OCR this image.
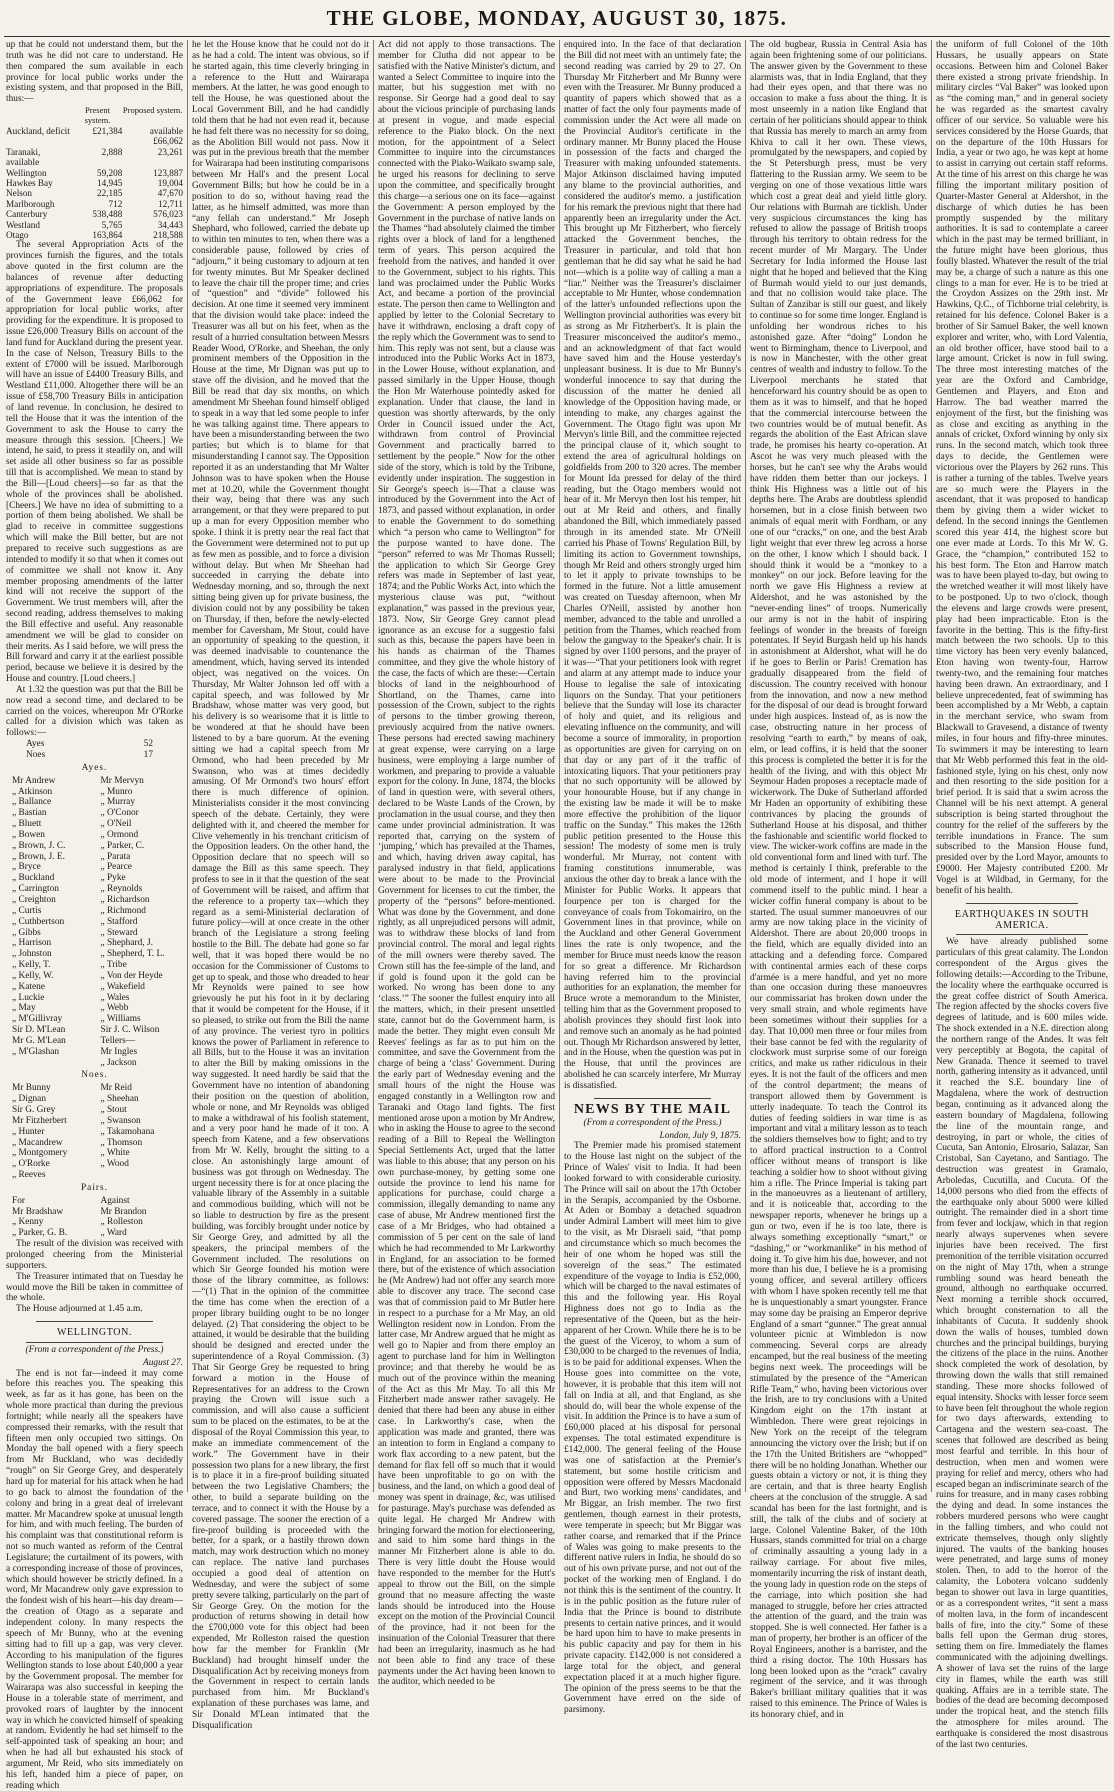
THE GLOBE, MONDAY, AUGUST 30, 1875.

up that he could not understand them, but the truth was he did not care to understand. He then compared the sum available in each province for local public works under the existing system, and that proposed in the Bill, thus:—

	Present system.	Proposed system.
Auckland, deficit	£21,384	available £66,062
Taranaki, available	2,888	23,261
Wellington	59,208	123,887
Hawkes Bay	14,945	19,004
Nelson	22,185	47,670
Marlborough	712	12,711
Canterbury	538,488	576,023
Westland	5,765	34,443
Otago	163,864	218,588

The several Appropriation Acts of the provinces furnish the figures, and the totals above quoted in the first column are the balances of revenue after deducting appropriations of expenditure. The proposals of the Government leave £66,062 for appropriation for local public works, after providing for the expenditure. It is proposed to issue £26,000 Treasury Bills on account of the land fund for Auckland during the present year. In the case of Nelson, Treasury Bills to the extent of £7000 will be issued. Marlborough will have an issue of £4400 Treasury Bills, and Westland £11,000. Altogether there will be an issue of £58,700 Treasury Bills in anticipation of land revenue. In conclusion, he desired to tell the House that it was the intention of the Government to ask the House to carry the measure through this session. [Cheers.] We intend, he said, to press it steadily on, and will set aside all other business so far as possible till that is accomplished. We mean to stand by the Bill—[Loud cheers]—so far as that the whole of the provinces shall be abolished. [Cheers.] We have no idea of submitting to a portion of them being abolished. We shall be glad to receive in committee suggestions which will make the Bill better, but are not prepared to receive such suggestions as are intended to modify it so that when it comes out of committee we shall not know it. Any member proposing amendments of the latter kind will not receive the support of the Government. We trust members will, after the second reading, address themselves to making the Bill effective and useful. Any reasonable amendment we will be glad to consider on their merits. As I said before, we will press the Bill forward and carry it at the earliest possible period, because we believe it is desired by the House and country. [Loud cheers.]

At 1.32 the question was put that the Bill be now read a second time, and declared to be carried on the voices, whereupon Mr O'Rorke called for a division which was taken as follows:—

Ayes	52
Noes	17
Ayes.
Mr Andrew	Mr Mervyn
„ Atkinson	„ Munro
„ Ballance	„ Murray
„ Bastian	„ O'Conor
„ Bluett	„ O'Neil
„ Bowen	„ Ormond
„ Brown, J. C.	„ Parker, C.
„ Brown, J. E.	„ Parata
„ Bryce	„ Pearce
„ Buckland	„ Pyke
„ Carrington	„ Reynolds
„ Creighton	„ Richardson
„ Curtis	„ Richmond
„ Cuthbertson	„ Stafford
„ Gibbs	„ Steward
„ Harrison	„ Shephard, J.
„ Johnston	„ Shepherd, T. L.
„ Kelly, T.	„ Tribe
„ Kelly, W.	„ Von der Heyde
„ Katene	„ Wakefield
„ Luckie	„ Wales
„ May	„ Webb
„ M'Gillivray	„ Williams
Sir D. M'Lean	Sir J. C. Wilson
Mr G. M'Lean	Tellers—
„ M'Glashan	Mr Ingles
„ Jackson
Noes.
Mr Bunny	Mr Reid
„ Dignan	„ Sheehan
Sir G. Grey	„ Stout
Mr Fitzherbert	„ Swanson
„ Hunter	„ Takamohana
„ Macandrew	„ Thomson
„ Montgomery	„ White
„ O'Rorke	„ Wood
„ Reeves
Pairs.
For	Against
Mr Bradshaw	Mr Brandon
„ Kenny	„ Rolleston
„ Parker, G. B.	„ Ward

The result of the division was received with prolonged cheering from the Ministerial supporters.

The Treasurer intimated that on Tuesday he would move the Bill be taken in committee of the whole.

The House adjourned at 1.45 a.m.

WELLINGTON.
(From a correspondent of the Press.)
August 27.

The end is not far—indeed it may come before this reaches you. The speaking this week, as far as it has gone, has been on the whole more practical than during the previous fortnight; while nearly all the speakers have compressed their remarks, with the result that fifteen men only occupied two sittings. On Monday the ball opened with a fiery speech from Mr Buckland, who was decidedly “rough” on Sir George Grey, and desperately hard up for material for his attack when he had to go back to almost the foundation of the colony and bring in a great deal of irrelevant matter. Mr Macandrew spoke at unusual length for him, and with much feeling. The burden of his complaint was that constitutional reform is not so much wanted as reform of the Central Legislature; the curtailment of its powers, with a corresponding increase of those of provinces, which should however be strictly defined. In a word, Mr Macandrew only gave expression to the fondest wish of his heart—his day dream—the creation of Otago as a separate and independent colony. In many respects the speech of Mr Bunny, who at the evening sitting had to fill up a gap, was very clever. According to his manipulation of the figures Wellington stands to lose about £40,000 a year by the Government proposal. The member for Wairarapa was also successful in keeping the House in a tolerable state of merriment, and provoked roars of laughter by the innocent way in which he convicted himself of speaking at random. Evidently he had set himself to the self-appointed task of speaking an hour; and when he had all but exhausted his stock of argument, Mr Reid, who sits immediately on his left, handed him a piece of paper, on reading which

he let the House know that he could not do it as he had a cold. The intent was obvious, so if he started again, this time cleverly bringing in a reference to the Hutt and Wairarapa members. At the latter, he was good enough to tell the House, he was questioned about the Local Government Bill, and he had candidly told them that he had not even read it, because he had felt there was no necessity for so doing, as the Abolition Bill would not pass. Now it was put in the previous breath that the member for Wairarapa had been instituting comparisons between Mr Hall's and the present Local Government Bills; but how he could be in a position to do so, without having read the latter, as he himself admitted, was more than “any fellah can understand.” Mr Joseph Shephard, who followed, carried the debate up to within ten minutes to ten, when there was a considerable pause, followed by cries of “adjourn,” it being customary to adjourn at ten for twenty minutes. But Mr Speaker declined to leave the chair till the proper time; and cries of “question” and “divide” followed his decision. At one time it seemed very imminent that the division would take place: indeed the Treasurer was all but on his feet, when as the result of a hurried consultation between Messrs Reader Wood, O'Rorke, and Sheehan, the only prominent members of the Opposition in the House at the time, Mr Dignan was put up to stave off the division, and he moved that the Bill be read that day six months, on which amendment Mr Sheehan found himself obliged to speak in a way that led some people to infer he was talking against time. There appears to have been a misunderstanding between the two parties; but which is to blame for that misunderstanding I cannot say. The Opposition reported it as an understanding that Mr Walter Johnson was to have spoken when the House met at 10.20, while the Government thought their way, being that there was any such arrangement, or that they were prepared to put up a man for every Opposition member who spoke. I think it is pretty near the real fact that the Government were determined not to put up as few men as possible, and to force a division without delay. But when Mr Sheehan had succeeded in carrying the debate into Wednesday morning, and so, through the next sitting being given up for private business, the division could not by any possibility be taken on Thursday, if then, before the newly-elected member for Caversham, Mr Stout, could have an opportunity of speaking to the question, it was deemed inadvisable to countenance the amendment, which, having served its intended object, was negatived on the voices. On Thursday, Mr Walter Johnson led off with a capital speech, and was followed by Mr Bradshaw, whose matter was very good, but his delivery is so wearisome that it is little to be wondered at that he should have been listened to by a bare quorum. At the evening sitting we had a capital speech from Mr Ormond, who had been preceded by Mr Swanson, who was at times decidedly amusing. Of Mr Ormond's two hours' effort there is much difference of opinion. Ministerialists consider it the most convincing speech of the debate. Certainly, they were delighted with it, and cheered the member for Clive vehemently in his trenchant criticism of the Opposition leaders. On the other hand, the Opposition declare that no speech will so damage the Bill as this same speech. They profess to see in it that the question of the seat of Government will be raised, and affirm that the reference to a property tax—which they regard as a semi-Ministerial declaration of future policy—will at once create in the other branch of the Legislature a strong feeling hostile to the Bill. The debate had gone so far well, that it was hoped there would be no occasion for the Commissioner of Customs to get up to speak, and those who dreaded to hear Mr Reynolds were pained to see how grievously he put his foot in it by declaring that it would be competent for the House, if it so pleased, to strike out from the Bill the name of any province. The veriest tyro in politics knows the power of Parliament in reference to all Bills, but to the House it was an invitation to alter the Bill by making omissions in the way suggested. It need hardly be said that the Government have no intention of abandoning their position on the question of abolition, whole or none, and Mr Reynolds was obliged to make a withdrawal of his foolish statement, and a very poor hand he made of it too. A speech from Katene, and a few observations from Mr W. Kelly, brought the sitting to a close. An astonishingly large amount of business was got through on Wednesday. The urgent necessity there is for at once placing the valuable library of the Assembly in a suitable and commodious building, which will not be so liable to destruction by fire as the present building, was forcibly brought under notice by Sir George Grey, and admitted by all the speakers, the principal members of the Government included. The resolutions on which Sir George founded his motion were those of the library committee, as follows:—“(1) That in the opinion of the committee the time has come when the erection of a proper library building ought to be no longer delayed. (2) That considering the object to be attained, it would be desirable that the building should be designed and erected under the superintendence of a Royal Commission. (3) That Sir George Grey be requested to bring forward a motion in the House of Representatives for an address to the Crown praying the Crown will issue such a commission, and will also cause a sufficient sum to be placed on the estimates, to be at the disposal of the Royal Commission this year, to make an immediate commencement of the work.” The Government have in their possession two plans for a new library, the first is to place it in a fire-proof building situated between the two Legislative Chambers; the other, to build a separate building on the terrace, and to connect it with the House by a covered passage. The sooner the erection of a fire-proof building is proceeded with the better, for a spark, or a hastily thrown down match, may work destruction which no money can replace. The native land purchases occupied a good deal of attention on Wednesday, and were the subject of some pretty severe talking, particularly on the part of Sir George Grey. On the motion for the production of returns showing in detail how the £700,000 vote for this object had been expended, Mr Rolleston raised the question how far the member for Franklin (Mr Buckland) had brought himself under the Disqualification Act by receiving moneys from the Government in respect to certain lands purchased from him. Mr Buckland's explanation of these purchases was lame, and Sir Donald M'Lean intimated that the Disqualification

Act did not apply to those transactions. The member for Clutha did not appear to be satisfied with the Native Minister's dictum, and wanted a Select Committee to inquire into the matter, but his suggestion met with no response. Sir George had a good deal to say about the vicious principle of purchasing lands at present in vogue, and made especial reference to the Piako block. On the next motion, for the appointment of a Select Committee to inquire into the circumstances connected with the Piako-Waikato swamp sale, he urged his reasons for declining to serve upon the committee, and specifically brought this charge—a serious one on its face—against the Government: A person employed by the Government in the purchase of native lands on the Thames “had absolutely claimed the timber rights over a block of land for a lengthened term of years. This person acquired the freehold from the natives, and handed it over to the Government, subject to his rights. This land was proclaimed under the Public Works Act, and became a portion of the provincial estate. The person then came to Wellington and applied by letter to the Colonial Secretary to have it withdrawn, enclosing a draft copy of the reply which the Government was to send to him. This reply was not sent, but a clause was introduced into the Public Works Act in 1873, in the Lower House, without explanation, and passed similarly in the Upper House, though the Hon Mr Waterhouse pointedly asked for explanation. Under that clause, the land in question was shortly afterwards, by the only Order in Council issued under the Act, withdrawn from control of Provincial Government and practically barred to settlement by the people.” Now for the other side of the story, which is told by the Tribune, evidently under inspiration. The suggestion in Sir George's speech is—That a clause was introduced by the Government into the Act of 1873, and passed without explanation, in order to enable the Government to do something which “a person who came to Wellington” for the purpose wanted to have done. The “person” referred to was Mr Thomas Russell; the application to which Sir George Grey refers was made in September of last year, 1874; and the Public Works Act, into which the mysterious clause was put, “without explanation,” was passed in the previous year, 1873. Now, Sir George Grey cannot plead ignorance as an excuse for a suggestio falsi such as this, because the papers have been in his hands as chairman of the Thames committee, and they give the whole history of the case, the facts of which are these:—Certain blocks of land in the neighbourhood of Shortland, on the Thames, came into possession of the Crown, subject to the rights of persons to the timber growing thereon, previously acquired from the native owners. These persons had erected sawing machinery at great expense, were carrying on a large business, were employing a large number of workmen, and preparing to provide a valuable export for the colony. In June, 1874, the blocks of land in question were, with several others, declared to be Waste Lands of the Crown, by proclamation in the usual course, and they then came under provincial administration. It was reported that, carrying on the system of ‘jumping,’ which has prevailed at the Thames, and which, having driven away capital, has paralysed industry in that field, applications were about to be made to the Provincial Government for licenses to cut the timber, the property of the “persons” before-mentioned. What was done by the Government, and done rightly, as all unprejudiced persons will admit, was to withdraw these blocks of land from provincial control. The moral and legal rights of the mill owners were thereby saved. The Crown still has the fee-simple of the land, and if gold is found upon it the gold can be worked. No wrong has been done to any ‘class.’” The sooner the fullest enquiry into all the matters, which, in their present unsettled state, cannot but do the Government harm, is made the better. They might even consult Mr Reeves' feelings as far as to put him on the committee, and save the Government from the charge of being a ‘class’ Government. During the early part of Wednesday evening and the small hours of the night the House was engaged constantly in a Wellington row and Taranaki and Otago land fights. The first mentioned arose upon a motion by Mr Andrew, who in asking the House to agree to the second reading of a Bill to Repeal the Wellington Special Settlements Act, urged that the latter was liable to this abuse; that any person on his own purchase-money, by getting some one outside the province to lend his name for applications for purchase, could charge a commission, illegally demanding to name any case of abuse, Mr Andrew mentioned first the case of a Mr Bridges, who had obtained a commission of 5 per cent on the sale of land which he had recommended to Mr Larkworthy in England, for an association to be formed there, but of the existence of which association he (Mr Andrew) had not offer any search more able to discover any trace. The second case was that of commission paid to Mr Butler here in respect to a purchase for a Mr May, an old Wellington resident now in London. From the latter case, Mr Andrew argued that he might as well go to Napier and from there employ an agent to purchase land for him in Wellington province; and that thereby he would be as much out of the province within the meaning of the Act as this Mr May. To all this Mr Fitzherbert made answer rather savagely. He denied that there had been any abuse in either case. In Larkworthy's case, when the application was made and granted, there was an intention to form in England a company to work flax according to a new patent, but the demand for flax fell off so much that it would have been unprofitable to go on with the business, and the land, on which a good deal of money was spent in drainage, &c, was utilised for pasturage. May's purchase was defended as quite legal. He charged Mr Andrew with bringing forward the motion for electioneering, and said to him some hard things in the manner Mr Fitzherbert alone is able to do. There is very little doubt the House would have responded to the member for the Hutt's appeal to throw out the Bill, on the simple ground that no measure affecting the waste lands should be introduced into the House except on the motion of the Provincial Council of the province, had it not been for the insinuation of the Colonial Treasurer that there had been an irregularity, inasmuch as he had not been able to find any trace of these payments under the Act having been known to the auditor, which needed to be

enquired into. In the face of that declaration the Bill did not meet with an untimely fate; the second reading was carried by 29 to 27. On Thursday Mr Fitzherbert and Mr Bunny were even with the Treasurer. Mr Bunny produced a quantity of papers which showed that as a matter of fact the only four payments made of commission under the Act were all made on the Provincial Auditor's certificate in the ordinary manner. Mr Bunny placed the House in possession of the facts and charged the Treasurer with making unfounded statements. Major Atkinson disclaimed having imputed any blame to the provincial authorities, and considered the auditor's memo. a justification for his remark the previous night that there had apparently been an irregularity under the Act. This brought up Mr Fitzherbert, who fiercely attacked the Government benches, the Treasurer in particular, and told that hon gentleman that he did say what he said he had not—which is a polite way of calling a man a “liar.” Neither was the Treasurer's disclaimer acceptable to Mr Hunter, whose condemnation of the latter's unfounded reflections upon the Wellington provincial authorities was every bit as strong as Mr Fitzherbert's. It is plain the Treasurer misconceived the auditor's memo., and an acknowledgment of that fact would have saved him and the House yesterday's unpleasant business. It is due to Mr Bunny's wonderful innocence to say that during the discussion of the matter he denied all knowledge of the Opposition having made, or intending to make, any charges against the Government. The Otago fight was upon Mr Mervyn's little Bill, and the committee rejected the principal clause of it, which sought to extend the area of agricultural holdings on goldfields from 200 to 320 acres. The member for Mount Ida pressed for delay of the third reading, but the Otago members would not hear of it. Mr Mervyn then lost his temper, hit out at Mr Reid and others, and finally abandoned the Bill, which immediately passed through in its amended state. Mr O'Neill carried his Phase of Towns' Regulation Bill, by limiting its action to Government townships, though Mr Reid and others strongly urged him to let it apply to private townships to be formed in the future. Not a little amusement was created on Tuesday afternoon, when Mr Charles O'Neill, assisted by another hon member, advanced to the table and unrolled a petition from the Thames, which reached from below the gangway to the Speaker's chair. It is signed by over 1100 persons, and the prayer of it was—“That your petitioners look with regret and alarm at any attempt made to induce your House to legalise the sale of intoxicating liquors on the Sunday. That your petitioners believe that the Sunday will lose its character of holy and quiet, and its religious and elevating influence on the community, and will become a source of immorality, in proportion as opportunities are given for carrying on on that day or any part of it the traffic of intoxicating liquors. That your petitioners pray that no such opportunity will be allowed by your honourable House, but if any change in the existing law be made it will be to make more effective the prohibition of the liquor traffic on the Sunday.” This makes the 126th public petition presented to the House this session! The modesty of some men is truly wonderful. Mr Murray, not content with framing constitutions innumerable, was anxious the other day to break a lance with the Minister for Public Works. It appears that fourpence per ton is charged for the conveyance of coals from Tokomairiro, on the Government lines in that province, while on the Auckland and other General Government lines the rate is only twopence, and the member for Bruce must needs know the reason for so great a difference. Mr Richardson having referred him to the provincial authorities for an explanation, the member for Bruce wrote a memorandum to the Minister, telling him that as the Government proposed to abolish provinces they should first look into and remove such an anomaly as he had pointed out. Though Mr Richardson answered by letter, and in the House, when the question was put in the House, that until the provinces are abolished he can scarcely interfere, Mr Murray is dissatisfied.

NEWS BY THE MAIL
(From a correspondent of the Press.)
London, July 9, 1875.

The Premier made his promised statement to the House last night on the subject of the Prince of Wales' visit to India. It had been looked forward to with considerable curiosity. The Prince will sail on about the 17th October in the Serapis, accompanied by the Osborne. At Aden or Bombay a detached squadron under Admiral Lambert will meet him to give to the visit, as Mr Disraeli said, “that pomp and circumstance which so much becomes the heir of one whom he hoped was still the sovereign of the seas.” The estimated expenditure of the voyage to India is £52,000, which will be charged to the naval estimates of this and the following year. His Royal Highness does not go to India as the representative of the Queen, but as the heir-apparent of her Crown. While there he is to be the guest of the Viceroy, to whom a sum of £30,000 to be charged to the revenues of India, is to be paid for additional expenses. When the House goes into committee on the vote, however, it is probable that this item will not fall on India at all, and that England, as she should do, will bear the whole expense of the visit. In addition the Prince is to have a sum of £60,000 placed at his disposal for personal expenses. The total estimated expenditure is £142,000. The general feeling of the House was one of satisfaction at the Premier's statement, but some hostile criticism and opposition were offered by Messrs Macdonald and Burt, two working mens' candidates, and Mr Biggar, an Irish member. The two first gentlemen, though earnest in their protests, were temperate in speech; but Mr Biggar was rather coarse, and remarked that if the Prince of Wales was going to make presents to the different native rulers in India, he should do so out of his own private purse, and not out of the pocket of the working men of England. I do not think this is the sentiment of the country. It is in the public position as the future ruler of India that the Prince is bound to distribute presents to certain native princes, and it would be hard upon him to have to make presents in his public capacity and pay for them in his private capacity. £142,000 is not considered a large total for the object, and general expectation placed it at a much higher figure. The opinion of the press seems to be that the Government have erred on the side of parsimony.

The old bugbear, Russia in Central Asia has again been frightening some of our politicians. The answer given by the Government to these alarmists was, that in India England, that they had their eyes open, and that there was no occasion to make a fuss about the thing. It is most unseemly in a nation like England that certain of her politicians should appear to think that Russia has merely to march an army from Khiva to call it her own. These views, promulgated by the newspapers, and copied by the St Petersburgh press, must be very flattering to the Russian army. We seem to be verging on one of those vexatious little wars which cost a great deal and yield little glory. Our relations with Burmah are ticklish. Under very suspicious circumstances the king has refused to allow the passage of British troops through his territory to obtain redress for the recent murder of Mr Margary. The Under Secretary for India informed the House last night that he hoped and believed that the King of Burmah would yield to our just demands, and that no collision would take place. The Sultan of Zanzibar is still our guest, and likely to continue so for some time longer. England is unfolding her wondrous riches to his astonished gaze. After “doing” London he went to Birmingham, thence to Liverpool, and is now in Manchester, with the other great centres of wealth and industry to follow. To the Liverpool merchants he stated that henceforward his country should be as open to them as it was to himself, and that he hoped that the commercial intercourse between the two countries would be of mutual benefit. As regards the abolition of the East African slave trade, he promises his hearty co-operation. At Ascot he was very much pleased with the horses, but he can't see why the Arabs would have ridden them better than our jockeys. I think His Highness was a little out of his depths here. The Arabs are doubtless splendid horsemen, but in a close finish between two animals of equal merit with Fordham, or any one of our “cracks,” on one, and the best Arab light weight that ever threw leg across a horse on the other, I know which I should back. I should think it would be a “monkey to a monkey” on our jock. Before leaving for the north we gave His Highness a review at Aldershot, and he was astonished by the “never-ending lines” of troops. Numerically our army is not in the habit of inspiring feelings of wonder in the breasts of foreign potentates. If Seyid Burgash held up his hands in astonishment at Aldershot, what will he do if he goes to Berlin or Paris! Cremation has gradually disappeared from the field of discussion. The country received with honour from the innovation, and now a new method for the disposal of our dead is brought forward under high auspices. Instead of, as is now the case, obstructing nature in her process of resolving “earth to earth,” by means of oak, elm, or lead coffins, it is held that the sooner this process is completed the better it is for the health of the living, and with this object Mr Seymour Haden proposes a receptacle made of wickerwork. The Duke of Sutherland afforded Mr Haden an opportunity of exhibiting these contrivances by placing the grounds of Sutherland House at his disposal, and thither the fashionable and scientific world flocked to view. The wicker-work coffins are made in the old conventional form and lined with turf. The method is certainly I think, preferable to the old mode of interment, and I hope it will commend itself to the public mind. I hear a wicker coffin funeral company is about to be started. The usual summer manoeuvres of our army are now taking place in the vicinity of Aldershot. There are about 20,000 troops in the field, which are equally divided into an attacking and a defending force. Compared with continental armies each of these corps d'armée is a mere handful, and yet no more than one occasion during these manoeuvres our commissariat has broken down under the very small strain, and whole regiments have been sometimes without their supplies for a day. That 10,000 men three or four miles from their base cannot be fed with the regularity of clockwork must surprise some of our foreign critics, and make us rather ridiculous in their eyes. It is not the fault of the officers and men of the control department; the means of transport allowed them by Government is utterly inadequate. To teach the Control its duties of feeding soldiers in war time is as important and vital a military lesson as to teach the soldiers themselves how to fight; and to try to afford practical instruction to a Control officer without means of transport is like teaching a soldier how to shoot without giving him a rifle. The Prince Imperial is taking part in the manoeuvres as a lieutenant of artillery, and it is noticeable that, according to the newspaper reports, whenever he brings up a gun or two, even if he is too late, there is always something exceptionally “smart,” or “dashing,” or “workmanlike” in his method of doing it. To give him his due, however, and not more than his due, I believe he is a promising young officer, and several artillery officers with whom I have spoken recently tell me that he is unquestionably a smart youngster. France may some day be praising an Emperor deprive England of a smart “gunner.” The great annual volunteer picnic at Wimbledon is now commencing. Several corps are already encamped, but the real business of the meeting begins next week. The proceedings will be stimulated by the presence of the “American Rifle Team,” who, having been victorious over the Irish, are to try conclusions with a United Kingdom eight on the 17th instant at Wimbledon. There were great rejoicings in New York on the receipt of the telegram announcing the victory over the Irish; but if on the 17th the United Britishers are “whopped” there will be no holding Jonathan. Whether our guests obtain a victory or not, it is thing they are certain, and that is three hearty English cheers at the conclusion of the struggle. A sad scandal has been for the last fortnight, and is still, the talk of the clubs and of society at large. Colonel Valentine Baker, of the 10th Hussars, stands committed for trial on a charge of criminally assaulting a young lady in a railway carriage. For about five miles, momentarily incurring the risk of instant death, the young lady in question rode on the steps of the carriage, into which position she had managed to struggle, before her cries attracted the attention of the guard, and the train was stopped. She is well connected. Her father is a man of property, her brother is an officer of the Royal Engineers, another is a barrister, and the third a rising doctor. The 10th Hussars has long been looked upon as the “crack” cavalry regiment of the service, and it was through Baker's brilliant military qualities that it was raised to this eminence. The Prince of Wales is its honorary chief, and in

the uniform of full Colonel of the 10th Hussars, he usually appears on State occasions. Between him and Colonel Baker there existed a strong private friendship. In military circles “Val Baker” was looked upon as “the coming man,” and in general society he was regarded as the smartest cavalry officer of our service. So valuable were his services considered by the Horse Guards, that on the departure of the 10th Hussars for India, a year or two ago, he was kept at home to assist in carrying out certain staff reforms. At the time of his arrest on this charge he was filling the important military position of Quarter-Master General at Aldershot, in the discharge of which duties he has been promptly suspended by the military authorities. It is sad to contemplate a career which in the past may be termed brilliant, in the future might have been glorious, thus foully blasted. Whatever the result of the trial may be, a charge of such a nature as this one clings to a man for ever. He is to be tried at the Croydon Assizes on the 29th inst. Mr Hawkins, Q.C., of Tichborne trial celebrity, is retained for his defence. Colonel Baker is a brother of Sir Samuel Baker, the well known explorer and writer, who, with Lord Valentia, an old brother officer, have stood bail to a large amount. Cricket is now in full swing. The three most interesting matches of the year are the Oxford and Cambridge, Gentlemen and Players, and Eton and Harrow. The bad weather marred the enjoyment of the first, but the finishing was as close and exciting as anything in the annals of cricket, Oxford winning by only six runs. In the second match, which took three days to decide, the Gentlemen were victorious over the Players by 262 runs. This is rather a turning of the tables. Twelve years are so much were the Players in the ascendant, that it was proposed to handicap them by giving them a wider wicket to defend. In the second innings the Gentlemen scored this year 414, the highest score but one ever made at Lords. To this Mr W. G. Grace, the “champion,” contributed 152 to his best form. The Eton and Harrow match was to have been played to-day, but owing to the wretched weather it will most likely have to be postponed. Up to two o'clock, though the elevens and large crowds were present, play had been impracticable. Eton is the favorite in the betting. This is the fifty-first match between the two schools. Up to this time victory has been very evenly balanced, Eton having won twenty-four, Harrow twenty-two, and the remaining four matches having been drawn. An extraordinary, and I believe unprecedented, feat of swimming has been accomplished by a Mr Webb, a captain in the merchant service, who swam from Blackwall to Gravesend, a distance of twenty miles, in four hours and fifty-three minutes. To swimmers it may be interesting to learn that Mr Webb performed this feat in the old-fashioned style, lying on his chest, only now and then resorting to the side position for a brief period. It is said that a swim across the Channel will be his next attempt. A general subscription is being started throughout the country for the relief of the sufferers by the terrible inundations in France. The sum subscribed to the Mansion House fund, presided over by the Lord Mayor, amounts to £9000. Her Majesty contributed £200. Mr Vogel is at Wildbad, in Germany, for the benefit of his health.

EARTHQUAKES IN SOUTH AMERICA.

We have already published some particulars of this great calamity. The London correspondent of the Argus gives the following details:—According to the Tribune, the locality where the earthquake occurred is the great coffee district of South America. The region affected by the shocks covers five degrees of latitude, and is 600 miles wide. The shock extended in a N.E. direction along the northern range of the Andes. It was felt very perceptibly at Bogota, the capital of New Granada. Thence it seemed to travel north, gathering intensity as it advanced, until it reached the S.E. boundary line of Magdalena, where the work of destruction began, continuing as it advanced along the eastern boundary of Magdalena, following the line of the mountain range, and destroying, in part or whole, the cities of Cucuta, San Antonio, Elrosario, Salazar, San Cristobal, San Cayetano, and Santiago. The destruction was greatest in Gramalo, Arboledas, Cucutilla, and Cucuta. Of the 14,000 persons who died from the effects of the earthquake only about 5000 were killed outright. The remainder died in a short time from fever and lockjaw, which in that region nearly always supervenes when severe injuries have been received. The first premonition of the terrible visitation occurred on the night of May 17th, when a strange rumbling sound was heard beneath the ground, although no earthquake occurred. Next morning a terrible shock occurred, which brought consternation to all the inhabitants of Cucuta. It suddenly shook down the walls of houses, tumbled down churches and the principal buildings, burying the citizens of the place in the ruins. Another shock completed the work of desolation, by throwing down the walls that still remained standing. These more shocks followed of equal intensity. Shocks with lesser force seem to have been felt throughout the whole region for two days afterwards, extending to Cartagena and the western sea-coast. The scenes that followed are described as being most fearful and terrible. In this hour of destruction, when men and women were praying for relief and mercy, others who had escaped began an indiscriminate search of the ruins for treasure, and in many cases robbing the dying and dead. In some instances the robbers murdered persons who were caught in the falling timbers, and who could not extricate themselves, though only slightly injured. The vaults of the banking houses were penetrated, and large sums of money stolen. Then, to add to the horror of the calamity, the Lobotera volcano suddenly began to shower out lava in large quantities, or as a correspondent writes, “it sent a mass of molten lava, in the form of incandescent balls of fire, into the city.” Some of these balls fell upon the German drug stores, setting them on fire. Immediately the flames communicated with the adjoining dwellings. A shower of lava set the ruins of the large city in flames, while the earth was still quaking. Affairs are in a terrible state. The bodies of the dead are becoming decomposed under the tropical heat, and the stench fills the atmosphere for miles around. The earthquake is considered the most disastrous of the last two centuries.
